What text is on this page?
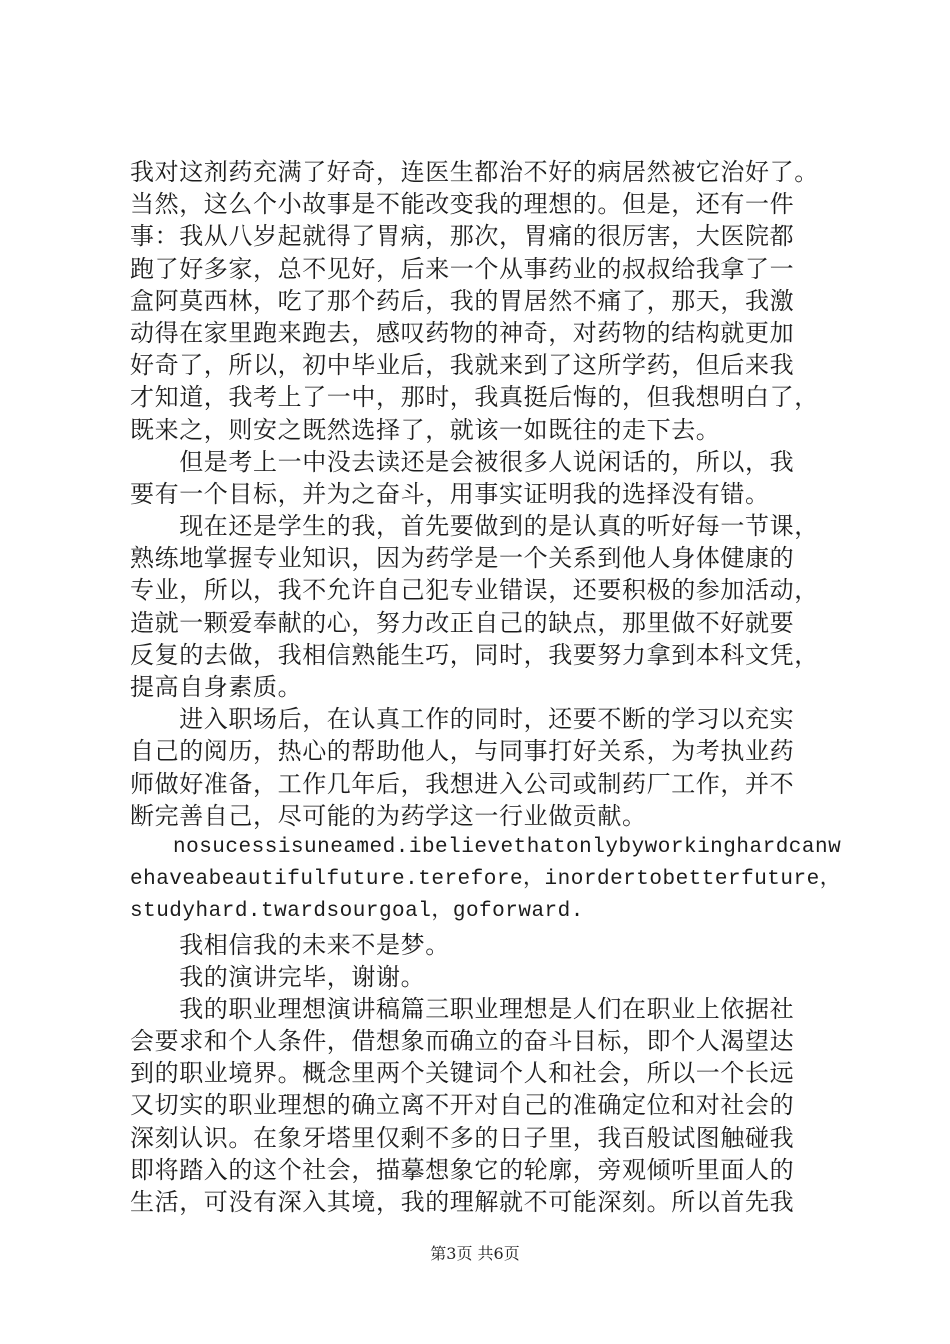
我对这剂药充满了好奇，连医生都治不好的病居然被它治好了。
当然，这么个小故事是不能改变我的理想的。但是，还有一件
事：我从八岁起就得了胃病，那次，胃痛的很厉害，大医院都
跑了好多家，总不见好，后来一个从事药业的叔叔给我拿了一
盒阿莫西林，吃了那个药后，我的胃居然不痛了，那天，我激
动得在家里跑来跑去，感叹药物的神奇，对药物的结构就更加
好奇了，所以，初中毕业后，我就来到了这所学药，但后来我
才知道，我考上了一中，那时，我真挺后悔的，但我想明白了，
既来之，则安之既然选择了，就该一如既往的走下去。
　　但是考上一中没去读还是会被很多人说闲话的，所以，我
要有一个目标，并为之奋斗，用事实证明我的选择没有错。
　　现在还是学生的我，首先要做到的是认真的听好每一节课，
熟练地掌握专业知识，因为药学是一个关系到他人身体健康的
专业，所以，我不允许自己犯专业错误，还要积极的参加活动，
造就一颗爱奉献的心，努力改正自己的缺点，那里做不好就要
反复的去做，我相信熟能生巧，同时，我要努力拿到本科文凭，
提高自身素质。
　　进入职场后，在认真工作的同时，还要不断的学习以充实
自己的阅历，热心的帮助他人，与同事打好关系，为考执业药
师做好准备，工作几年后，我想进入公司或制药厂工作，并不
断完善自己，尽可能的为药学这一行业做贡献。
　　nosucessisuneamed.ibelievethatonlybyworkinghardcanw
ehaveabeautifulfuture.terefore，inordertobetterfuture，
studyhard.twardsourgoal，goforward.
　　我相信我的未来不是梦。
　　我的演讲完毕，谢谢。
　　我的职业理想演讲稿篇三职业理想是人们在职业上依据社
会要求和个人条件，借想象而确立的奋斗目标，即个人渴望达
到的职业境界。概念里两个关键词个人和社会，所以一个长远
又切实的职业理想的确立离不开对自己的准确定位和对社会的
深刻认识。在象牙塔里仅剩不多的日子里，我百般试图触碰我
即将踏入的这个社会，描摹想象它的轮廓，旁观倾听里面人的
生活，可没有深入其境，我的理解就不可能深刻。所以首先我
第3页 共6页
